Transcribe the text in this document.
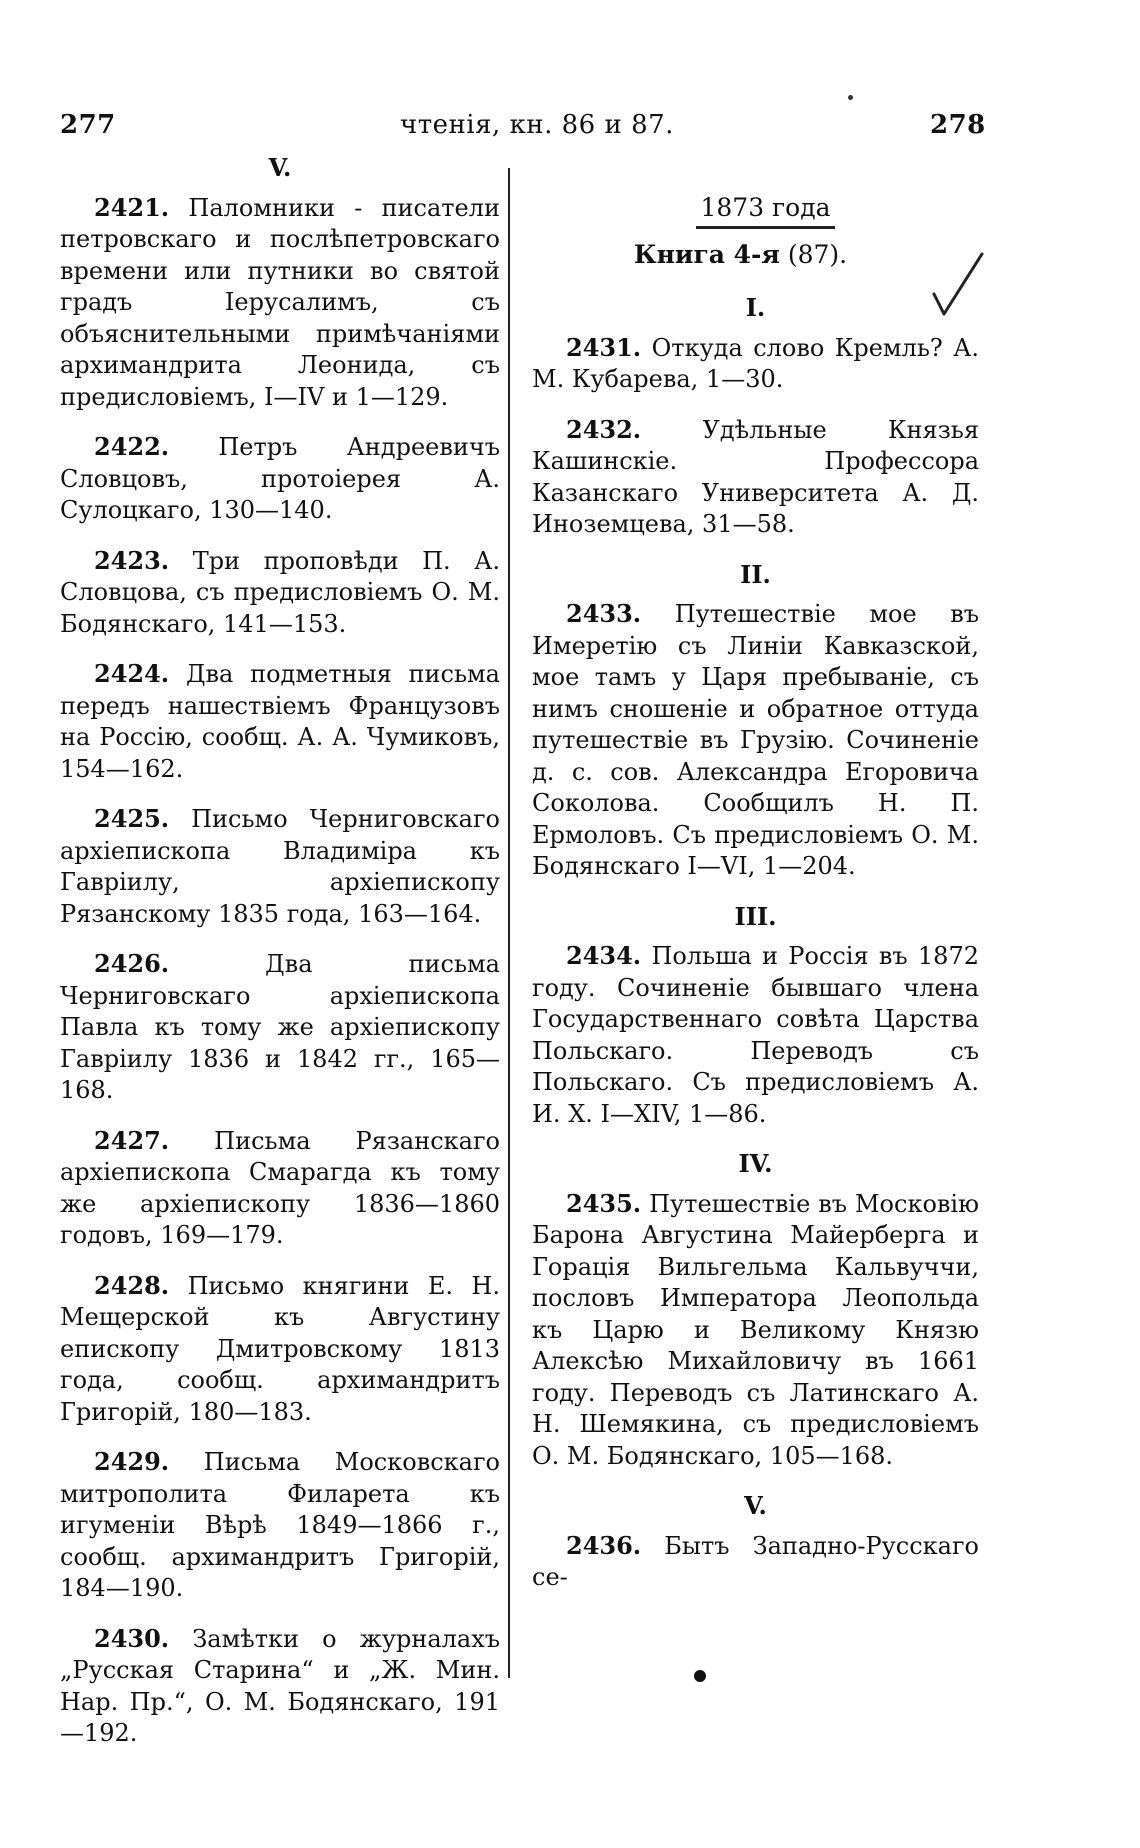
277	чтенія, кн. 86 и 87.	278
V.

2421. Паломники - писатели петровскаго и послѣпетровскаго времени или путники во святой градъ Іерусалимъ, съ объяснительными примѣчаніями архимандрита Леонида, съ предисловіемъ, I—IV и 1—129.

2422. Петръ Андреевичъ Словцовъ, протоіерея А. Сулоцкаго, 130—140.

2423. Три проповѣди П. А. Словцова, съ предисловіемъ О. М. Бодянскаго, 141—153.

2424. Два подметныя письма передъ нашествіемъ Французовъ на Россію, сообщ. А. А. Чумиковъ, 154—162.

2425. Письмо Черниговскаго архіепископа Владиміра къ Гаврiилу, архіепископу Рязанскому 1835 года, 163—164.

2426.	Два письма Черниговскаго архіепископа Павла къ тому же архіепископу Гаврiилу 1836 и 1842 гг., 165—168.

2427. Письма Рязанскаго архіепископа Смарагда къ тому же архіепископу 1836—1860 годовъ, 169—179.

2428. Письмо княгини Е. Н. Мещерской къ Августину епископу Дмитровскому 1813 года, сообщ. архимандритъ Григорій, 180—183.

2429. Письма Московскаго митрополита Филарета къ игуменіи Вѣрѣ 1849—1866 г., сообщ. архимандритъ Григорій, 184—190.

2430. Замѣтки о журналахъ „Русская Старина“ и „Ж. Мин. Нар. Пр.“, О. М. Бодянскаго, 191—192.

1873 года
Книга 4-я (87).
I.

2431. Откуда слово Кремль? А. М. Кубарева, 1—30.

2432.	Удѣльные Князья Кашинскіе. Профессора Казанскаго Университета А. Д. Иноземцева, 31—58.

II.

2433. Путешествіе мое въ Имеретію съ Линіи Кавказской, мое тамъ у Царя пребываніе, съ нимъ сношеніе и обратное оттуда путешествіе въ Грузію. Сочиненіе д. с. сов. Александра Егоровича Соколова. Сообщилъ Н. П. Ермоловъ. Съ предисловіемъ О. М. Бодянскаго I—VI, 1—204.

III.

2434. Польша и Россія въ 1872 году. Сочиненіе бывшаго члена Государственнаго совѣта Царства Польскаго. Переводъ съ Польскаго. Съ предисловіемъ А. И. Х. I—XIV, 1—86.

IV.

2435. Путешествіе въ Московію Барона Августина Майерберга и Горація Вильгельма Кальвуччи, пословъ Императора Леопольда къ Царю и Великому Князю Алексѣю Михайловичу въ 1661 году. Переводъ съ Латинскаго А. Н. Шемякина, съ предисловіемъ О. М. Бодянскаго, 105—168.

V.

2436. Бытъ Западно-Русскаго се-
